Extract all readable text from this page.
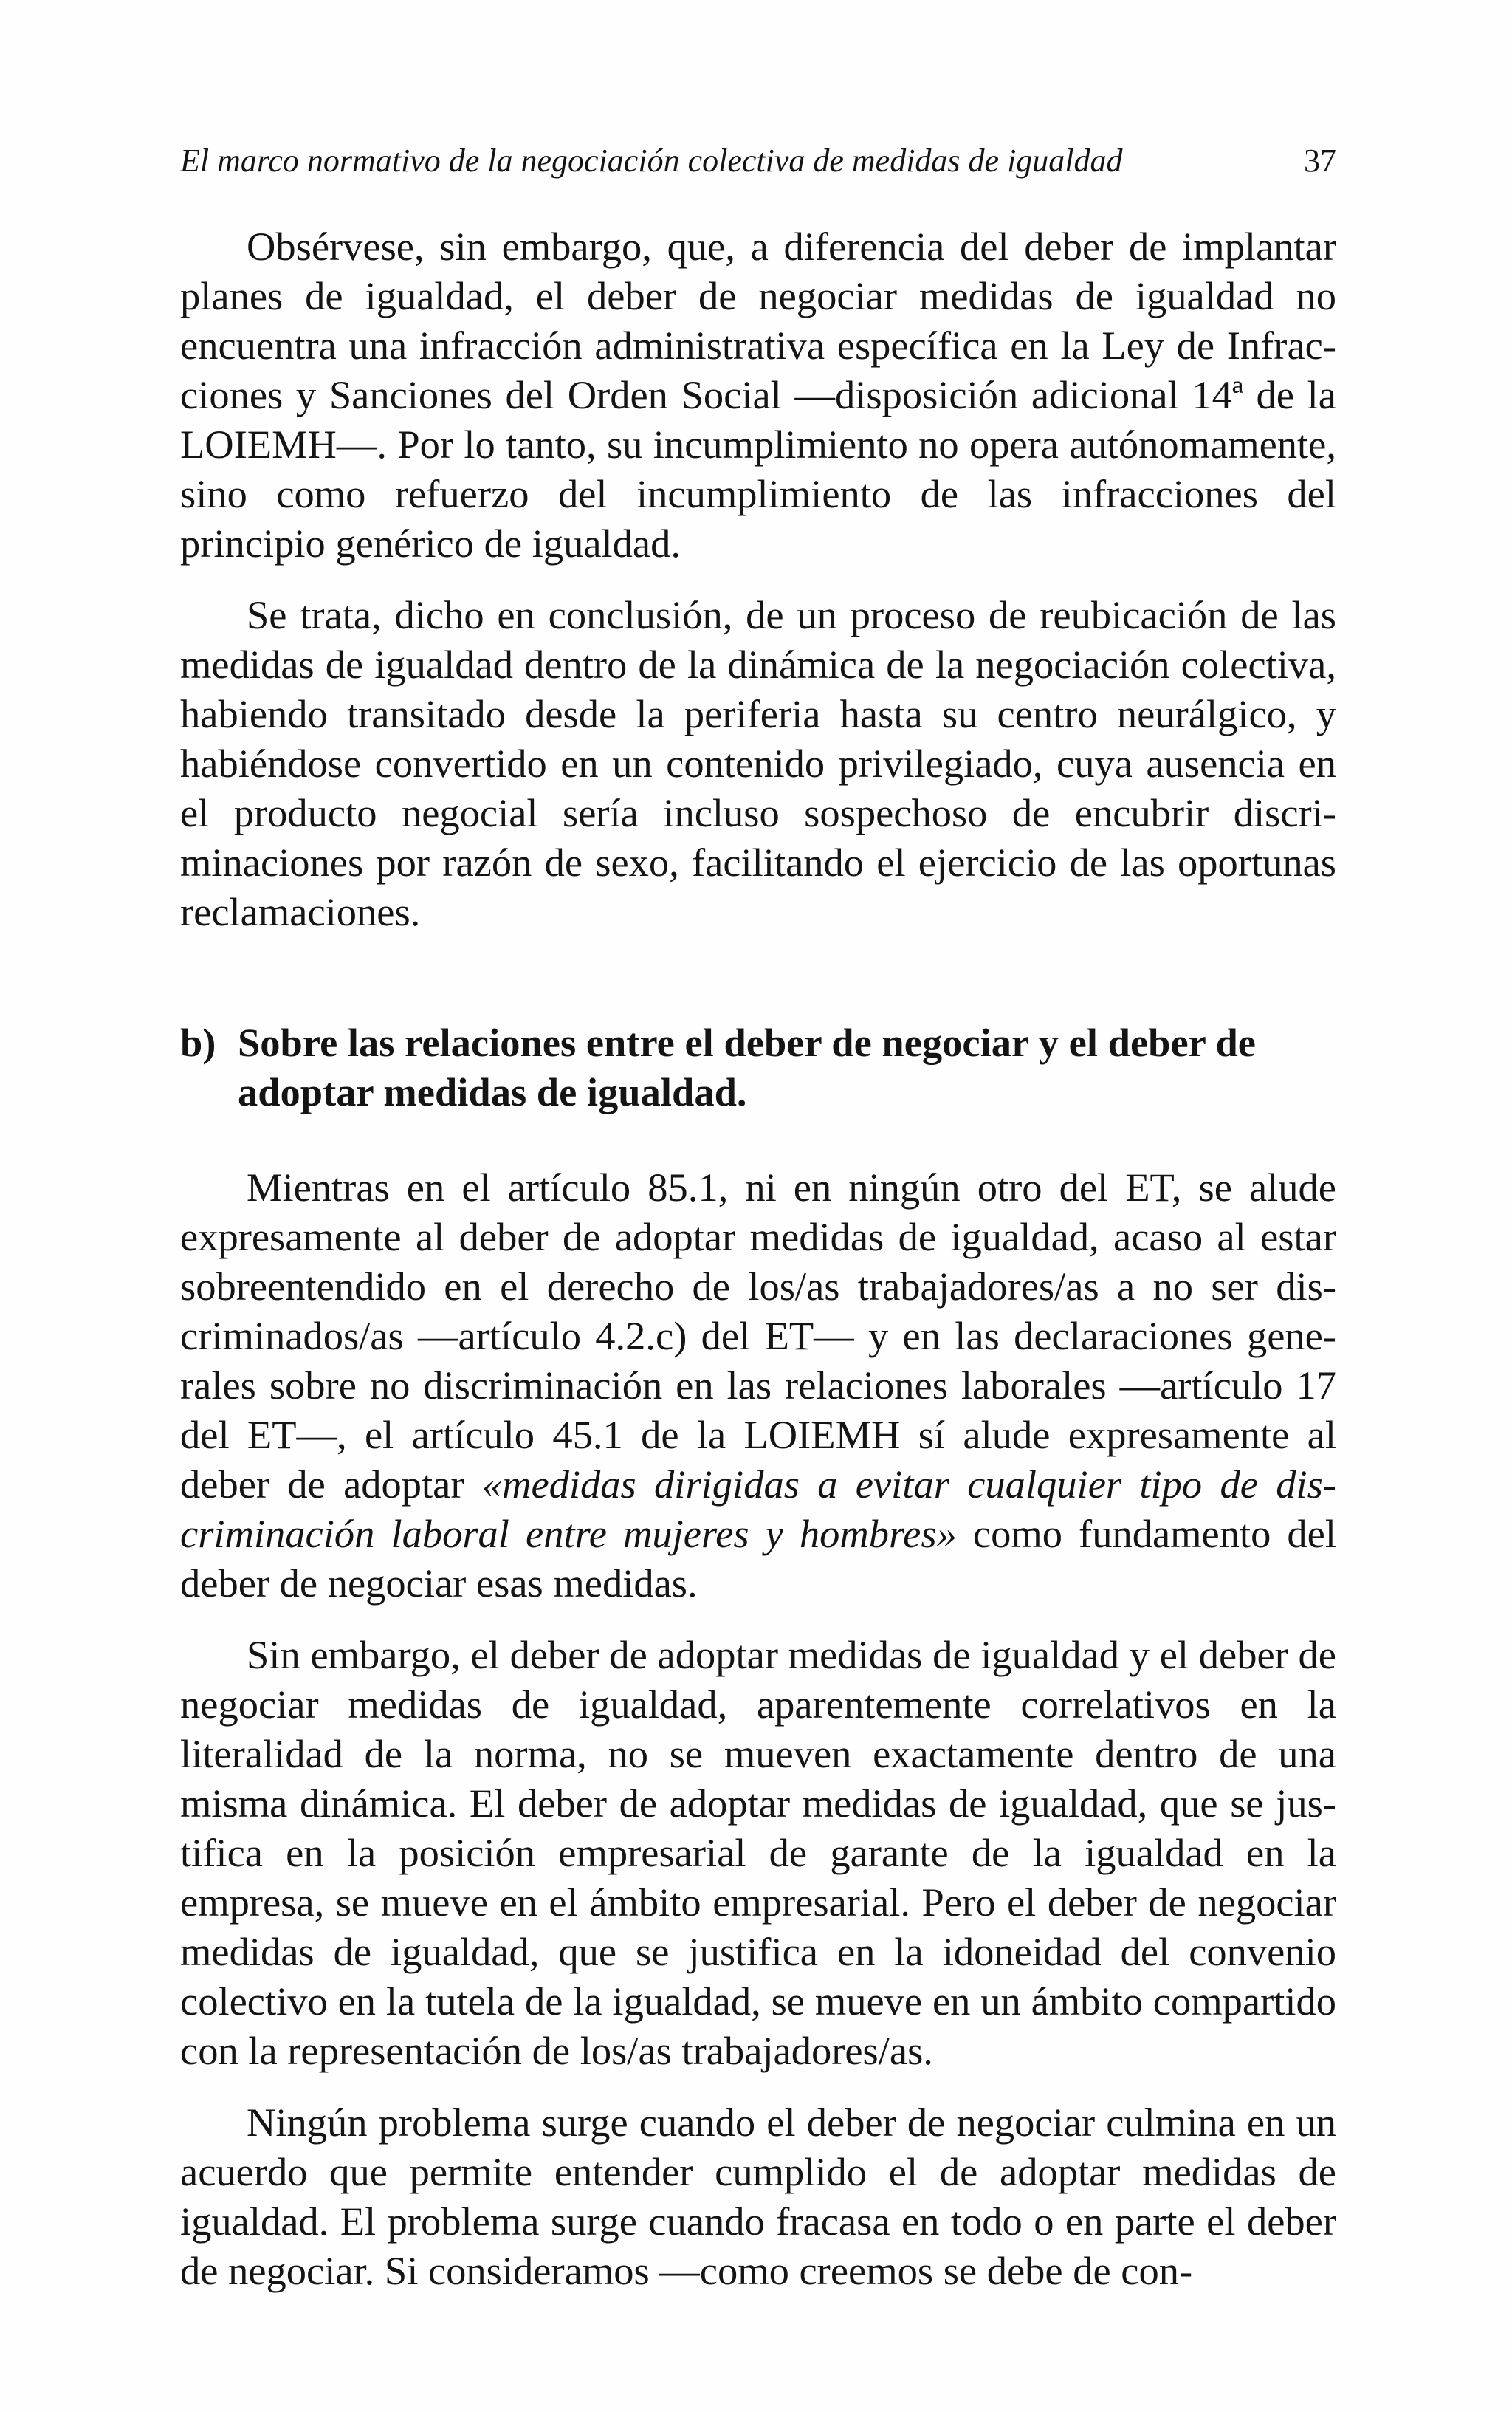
El marco normativo de la negociación colectiva de medidas de igualdad	37

Obsérvese, sin embargo, que, a diferencia del deber de implantar planes de igualdad, el deber de negociar medidas de igualdad no encuentra una infracción administrativa específica en la Ley de Infracciones y Sanciones del Orden Social —disposición adicional 14ª de la LOIEMH—. Por lo tanto, su incumplimiento no opera autónomamente, sino como refuerzo del incumplimiento de las infracciones del principio genérico de igualdad.

Se trata, dicho en conclusión, de un proceso de reubicación de las medidas de igualdad dentro de la dinámica de la negociación colectiva, habiendo transitado desde la periferia hasta su centro neurálgico, y habiéndose convertido en un contenido privilegiado, cuya ausencia en el producto negocial sería incluso sospechoso de encubrir discriminaciones por razón de sexo, facilitando el ejercicio de las oportunas reclamaciones.

b) Sobre las relaciones entre el deber de negociar y el deber de adoptar medidas de igualdad.

Mientras en el artículo 85.1, ni en ningún otro del ET, se alude expresamente al deber de adoptar medidas de igualdad, acaso al estar sobreentendido en el derecho de los/as trabajadores/as a no ser discriminados/as —artículo 4.2.c) del ET— y en las declaraciones generales sobre no discriminación en las relaciones laborales —artículo 17 del ET—, el artículo 45.1 de la LOIEMH sí alude expresamente al deber de adoptar «medidas dirigidas a evitar cualquier tipo de discriminación laboral entre mujeres y hombres» como fundamento del deber de negociar esas medidas.

Sin embargo, el deber de adoptar medidas de igualdad y el deber de negociar medidas de igualdad, aparentemente correlativos en la literalidad de la norma, no se mueven exactamente dentro de una misma dinámica. El deber de adoptar medidas de igualdad, que se justifica en la posición empresarial de garante de la igualdad en la empresa, se mueve en el ámbito empresarial. Pero el deber de negociar medidas de igualdad, que se justifica en la idoneidad del convenio colectivo en la tutela de la igualdad, se mueve en un ámbito compartido con la representación de los/as trabajadores/as.

Ningún problema surge cuando el deber de negociar culmina en un acuerdo que permite entender cumplido el de adoptar medidas de igualdad. El problema surge cuando fracasa en todo o en parte el deber de negociar. Si consideramos —como creemos se debe de con-
